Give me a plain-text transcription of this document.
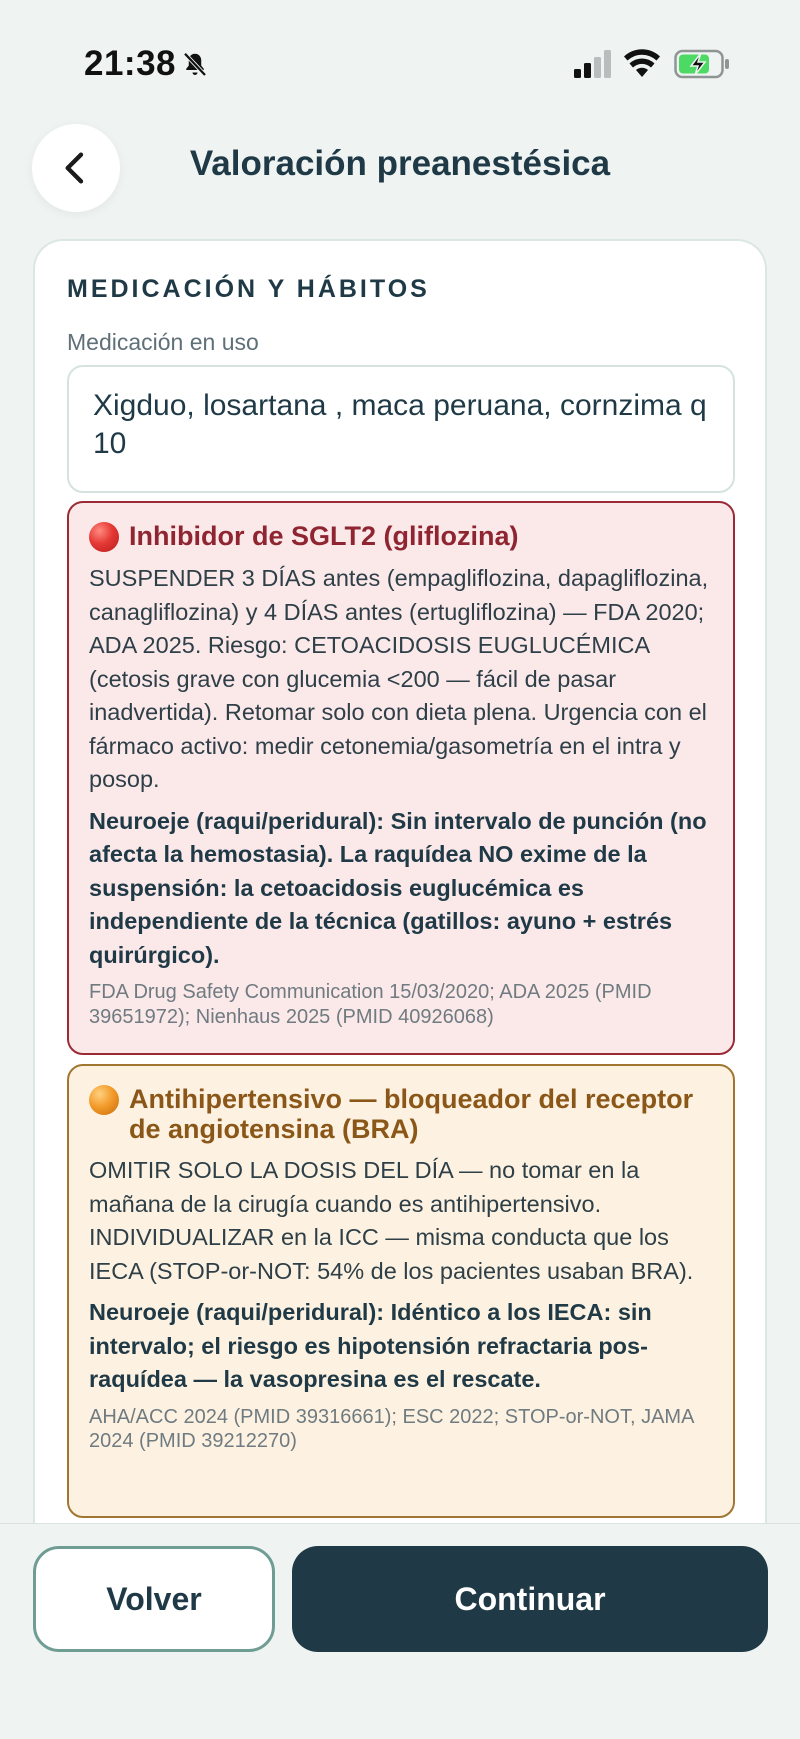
21:38
Valoración preanestésica
MEDICACIÓN Y HÁBITOS
Medicación en uso
Xigduo, losartana , maca peruana, cornzima q 10
Inhibidor de SGLT2 (gliflozina)
SUSPENDER 3 DÍAS antes (empagliflozina, dapagliflozina, canagliflozina) y 4 DÍAS antes (ertugliflozina) — FDA 2020; ADA 2025. Riesgo: CETOACIDOSIS EUGLUCÉMICA (cetosis grave con glucemia <200 — fácil de pasar inadvertida). Retomar solo con dieta plena. Urgencia con el fármaco activo: medir cetonemia/gasometría en el intra y posop.
Neuroeje (raqui/peridural): Sin intervalo de punción (no afecta la hemostasia). La raquídea NO exime de la suspensión: la cetoacidosis euglucémica es independiente de la técnica (gatillos: ayuno + estrés quirúrgico).
FDA Drug Safety Communication 15/03/2020; ADA 2025 (PMID 39651972); Nienhaus 2025 (PMID 40926068)
Antihipertensivo — bloqueador del receptor de angiotensina (BRA)
OMITIR SOLO LA DOSIS DEL DÍA — no tomar en la mañana de la cirugía cuando es antihipertensivo. INDIVIDUALIZAR en la ICC — misma conducta que los IECA (STOP-or-NOT: 54% de los pacientes usaban BRA).
Neuroeje (raqui/peridural): Idéntico a los IECA: sin intervalo; el riesgo es hipotensión refractaria pos-raquídea — la vasopresina es el rescate.
AHA/ACC 2024 (PMID 39316661); ESC 2022; STOP-or-NOT, JAMA 2024 (PMID 39212270)
Volver	Continuar
